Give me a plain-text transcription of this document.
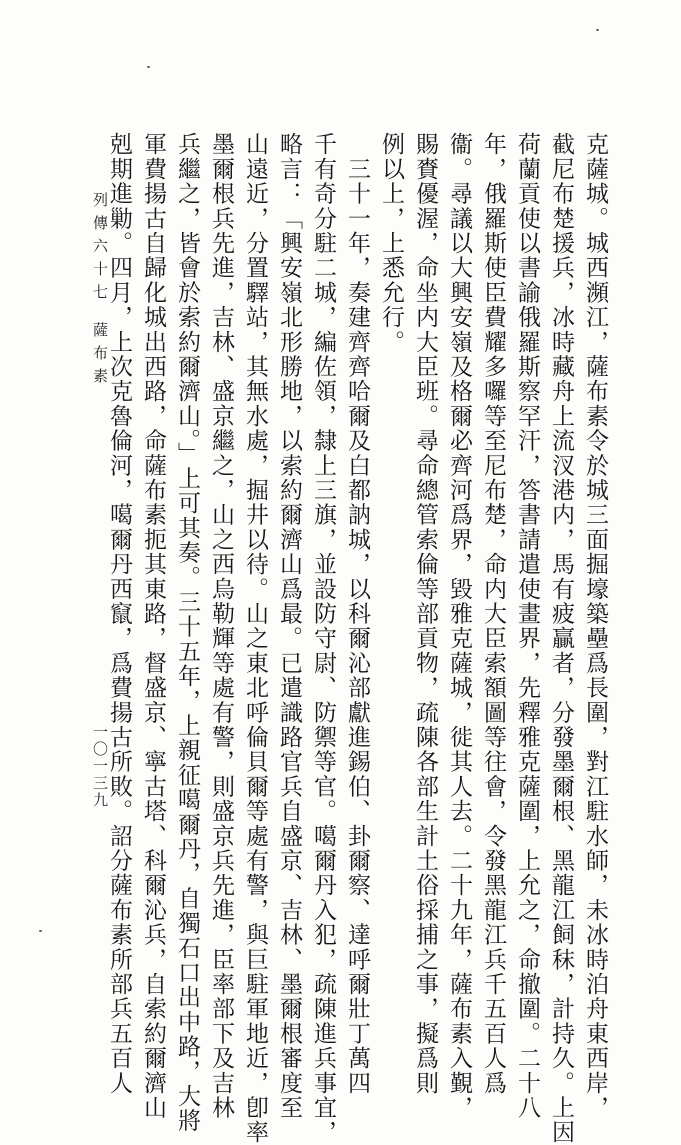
克薩城。城西瀕江，薩布素令於城三面掘壕築壘爲長圍，對江駐水師，未冰時泊舟東西岸，
截尼布楚援兵，冰時藏舟上流汊港内，馬有疲贏者，分發墨爾根、黑龍江飼秣，計持久。上因
荷蘭貢使以書諭俄羅斯察罕汗，答書請遣使畫界，先釋雅克薩圍，上允之，命撤圍。二十八
年，俄羅斯使臣費耀多囉等至尼布楚，命内大臣索額圖等往會，令發黑龍江兵千五百人爲
衞。尋議以大興安嶺及格爾必齊河爲界，毀雅克薩城，徙其人去。二十九年，薩布素入覲，
賜賚優渥，命坐内大臣班。尋命總管索倫等部貢物，疏陳各部生計土俗採捕之事，擬爲則
例以上，上悉允行。
　三十一年，奏建齊齊哈爾及白都訥城，以科爾沁部獻進錫伯、卦爾察、達呼爾壯丁萬四
千有奇分駐二城，編佐領，隸上三旗，並設防守尉、防禦等官。噶爾丹入犯，疏陳進兵事宜，
略言：「興安嶺北形勝地，以索約爾濟山爲最。已遣識路官兵自盛京、吉林、墨爾根審度至
山遠近，分置驛站，其無水處，掘井以待。山之東北呼倫貝爾等處有警，與巨駐軍地近，卽率
墨爾根兵先進，吉林、盛京繼之，山之西烏勒輝等處有警，則盛京兵先進，臣率部下及吉林
兵繼之，皆會於索約爾濟山。」上可其奏。三十五年，上親征噶爾丹，自獨石口出中路，大將
軍費揚古自歸化城出西路，命薩布素扼其東路，督盛京、寧古塔、科爾沁兵，自索約爾濟山
剋期進勦。四月，上次克魯倫河，噶爾丹西竄，爲費揚古所敗。詔分薩布素所部兵五百人
列傳六十七
薩布素
一〇一三九
